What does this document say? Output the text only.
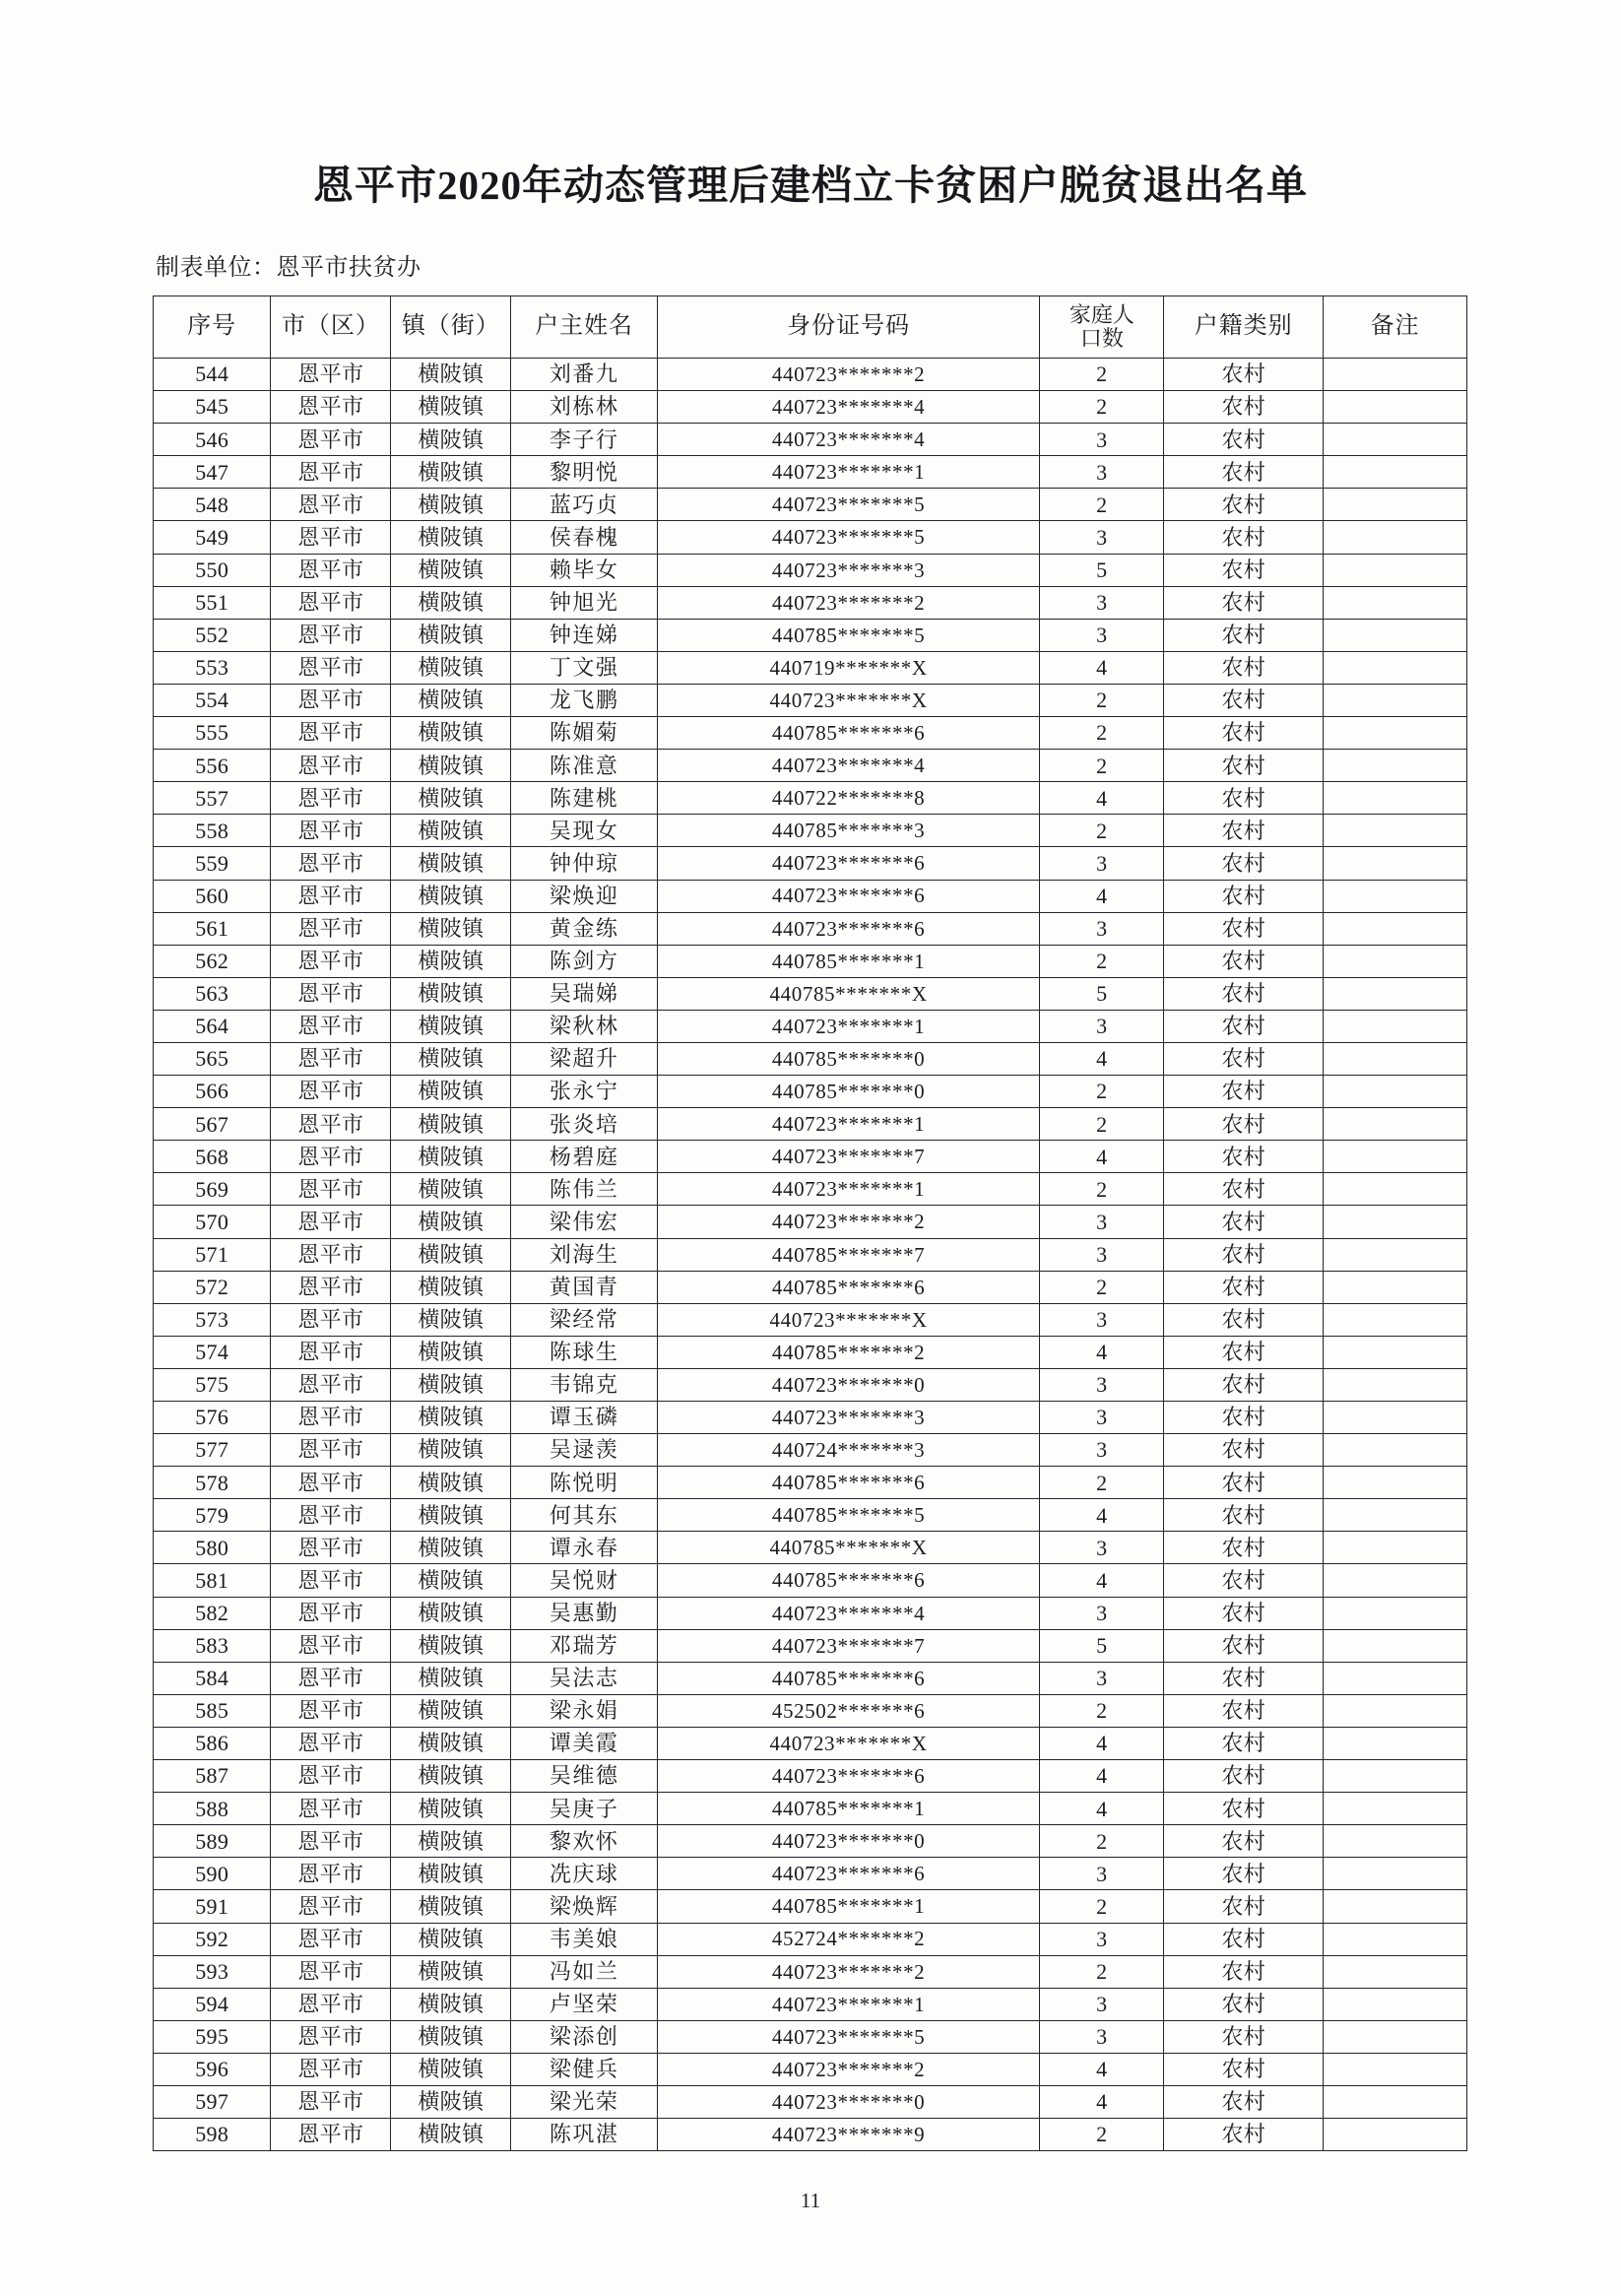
恩平市2020年动态管理后建档立卡贫困户脱贫退出名单
制表单位：恩平市扶贫办
序号	市（区）	镇（街）	户主姓名	身份证号码	家庭人
口数	户籍类别	备注
544	恩平市	横陂镇	刘番九	440723*******2	2	农村	
545	恩平市	横陂镇	刘栋林	440723*******4	2	农村	
546	恩平市	横陂镇	李子行	440723*******4	3	农村	
547	恩平市	横陂镇	黎明悦	440723*******1	3	农村	
548	恩平市	横陂镇	蓝巧贞	440723*******5	2	农村	
549	恩平市	横陂镇	侯春槐	440723*******5	3	农村	
550	恩平市	横陂镇	赖毕女	440723*******3	5	农村	
551	恩平市	横陂镇	钟旭光	440723*******2	3	农村	
552	恩平市	横陂镇	钟连娣	440785*******5	3	农村	
553	恩平市	横陂镇	丁文强	440719*******X	4	农村	
554	恩平市	横陂镇	龙飞鹏	440723*******X	2	农村	
555	恩平市	横陂镇	陈媚菊	440785*******6	2	农村	
556	恩平市	横陂镇	陈准意	440723*******4	2	农村	
557	恩平市	横陂镇	陈建桃	440722*******8	4	农村	
558	恩平市	横陂镇	吴现女	440785*******3	2	农村	
559	恩平市	横陂镇	钟仲琼	440723*******6	3	农村	
560	恩平市	横陂镇	梁焕迎	440723*******6	4	农村	
561	恩平市	横陂镇	黄金练	440723*******6	3	农村	
562	恩平市	横陂镇	陈剑方	440785*******1	2	农村	
563	恩平市	横陂镇	吴瑞娣	440785*******X	5	农村	
564	恩平市	横陂镇	梁秋林	440723*******1	3	农村	
565	恩平市	横陂镇	梁超升	440785*******0	4	农村	
566	恩平市	横陂镇	张永宁	440785*******0	2	农村	
567	恩平市	横陂镇	张炎培	440723*******1	2	农村	
568	恩平市	横陂镇	杨碧庭	440723*******7	4	农村	
569	恩平市	横陂镇	陈伟兰	440723*******1	2	农村	
570	恩平市	横陂镇	梁伟宏	440723*******2	3	农村	
571	恩平市	横陂镇	刘海生	440785*******7	3	农村	
572	恩平市	横陂镇	黄国青	440785*******6	2	农村	
573	恩平市	横陂镇	梁经常	440723*******X	3	农村	
574	恩平市	横陂镇	陈球生	440785*******2	4	农村	
575	恩平市	横陂镇	韦锦克	440723*******0	3	农村	
576	恩平市	横陂镇	谭玉磷	440723*******3	3	农村	
577	恩平市	横陂镇	吴逯羡	440724*******3	3	农村	
578	恩平市	横陂镇	陈悦明	440785*******6	2	农村	
579	恩平市	横陂镇	何其东	440785*******5	4	农村	
580	恩平市	横陂镇	谭永春	440785*******X	3	农村	
581	恩平市	横陂镇	吴悦财	440785*******6	4	农村	
582	恩平市	横陂镇	吴惠勤	440723*******4	3	农村	
583	恩平市	横陂镇	邓瑞芳	440723*******7	5	农村	
584	恩平市	横陂镇	吴法志	440785*******6	3	农村	
585	恩平市	横陂镇	梁永娟	452502*******6	2	农村	
586	恩平市	横陂镇	谭美霞	440723*******X	4	农村	
587	恩平市	横陂镇	吴维德	440723*******6	4	农村	
588	恩平市	横陂镇	吴庚子	440785*******1	4	农村	
589	恩平市	横陂镇	黎欢怀	440723*******0	2	农村	
590	恩平市	横陂镇	冼庆球	440723*******6	3	农村	
591	恩平市	横陂镇	梁焕辉	440785*******1	2	农村	
592	恩平市	横陂镇	韦美娘	452724*******2	3	农村	
593	恩平市	横陂镇	冯如兰	440723*******2	2	农村	
594	恩平市	横陂镇	卢坚荣	440723*******1	3	农村	
595	恩平市	横陂镇	梁添创	440723*******5	3	农村	
596	恩平市	横陂镇	梁健兵	440723*******2	4	农村	
597	恩平市	横陂镇	梁光荣	440723*******0	4	农村	
598	恩平市	横陂镇	陈巩湛	440723*******9	2	农村	
11
